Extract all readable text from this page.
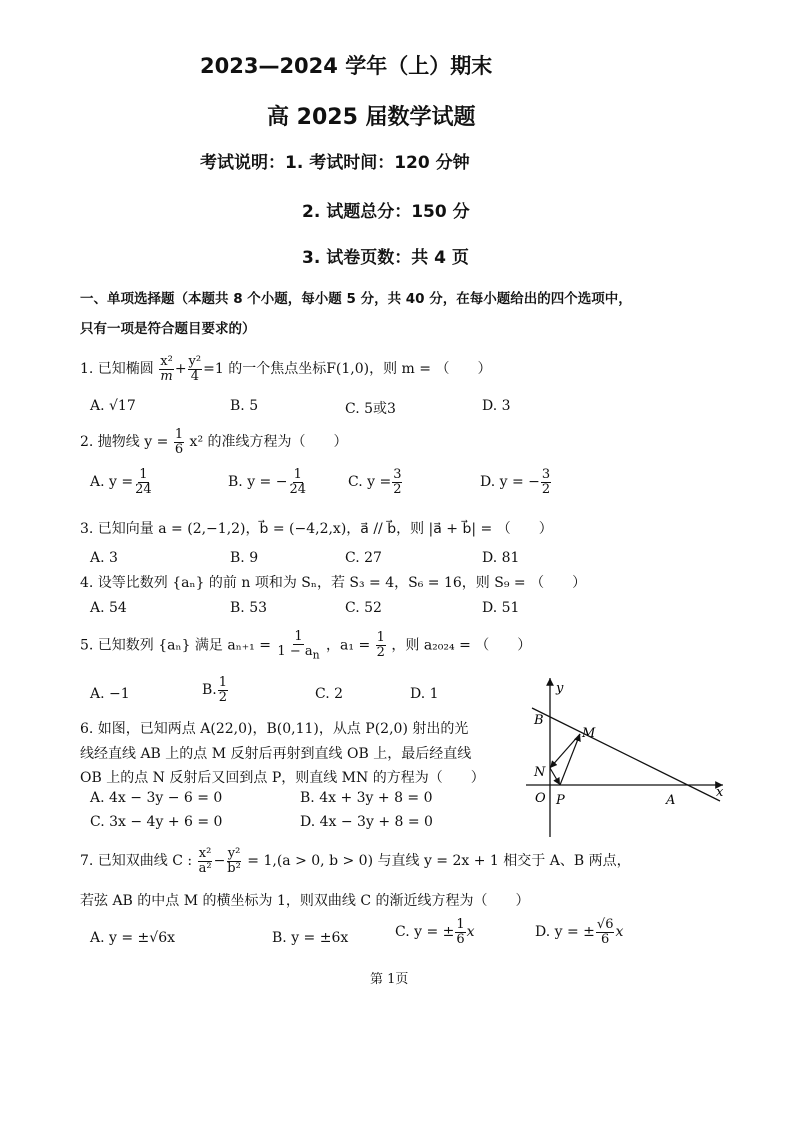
2023—2024 学年（上）期末
高 2025 届数学试题
考试说明：1. 考试时间：120 分钟
2. 试题总分：150 分
3. 试卷页数：共 4 页
一、单项选择题（本题共 8 个小题，每小题 5 分，共 40 分，在每小题给出的四个选项中，
只有一项是符合题目要求的）
1. 已知椭圆 $\frac{\text{x²}}{m} + \frac{\text{y²}}{4} =1$ 的一个焦点坐标F(1,0)，则 m = （　　）
A. √17	B. 5	C. 5或3	D. 3
2. 抛物线 $y = \frac{1}{6} x^2$ 的准线方程为（　　）
A. $y = \frac{1}{24}$	B. y = − $\frac{1}{24}$	C. $y = \frac{3}{2}$	D. y = − $\frac{3}{2}$
3. 已知向量 a = (2,−1,2)，b⃗ = (−4,2,x)，a⃗ // b⃗，则 |a⃗ + b⃗| = （　　）
A. 3	B. 9	C. 27	D. 81
4. 设等比数列 {aₙ} 的前 n 项和为 Sₙ，若 S₃ = 4，S₆ = 16，则 S₉ = （　　）
A. 54	B. 53	C. 52	D. 51
5. 已知数列 {aₙ} 满足 $a_{n+1} = \frac{1}{1 - a_n}$ ，$a_1 = \frac{1}{2}$ ，则 a₂₀₂₄ = （　　）
A. −1	B. $\frac{1}{2}$	C. 2	D. 1
6. 如图，已知两点 A(22,0)，B(0,11)，从点 P(2,0) 射出的光
线经直线 AB 上的点 M 反射后再射到直线 OB 上，最后经直线
OB 上的点 N 反射后又回到点 P，则直线 MN 的方程为（　　）
A. 4x − 3y − 6 = 0	B. 4x + 3y + 8 = 0
C. 3x − 4y + 6 = 0	D. 4x − 3y + 8 = 0
y
B
M
N
O P	A
x
7. 已知双曲线 C : $\frac{\text{x²}}{\text{a²}} - \frac{\text{y²}}{\text{b²}} = 1,(a > 0$, b > 0) 与直线 y = 2x + 1 相交于 A、B 两点，
若弦 AB 的中点 M 的横坐标为 1，则双曲线 C 的渐近线方程为（　　）
A. y = ±√6x	B. y = ±6x	C. y = ± $\frac{1}{6}$ x	D. y = ± $\frac{√6}{6}$ x
第 1页
